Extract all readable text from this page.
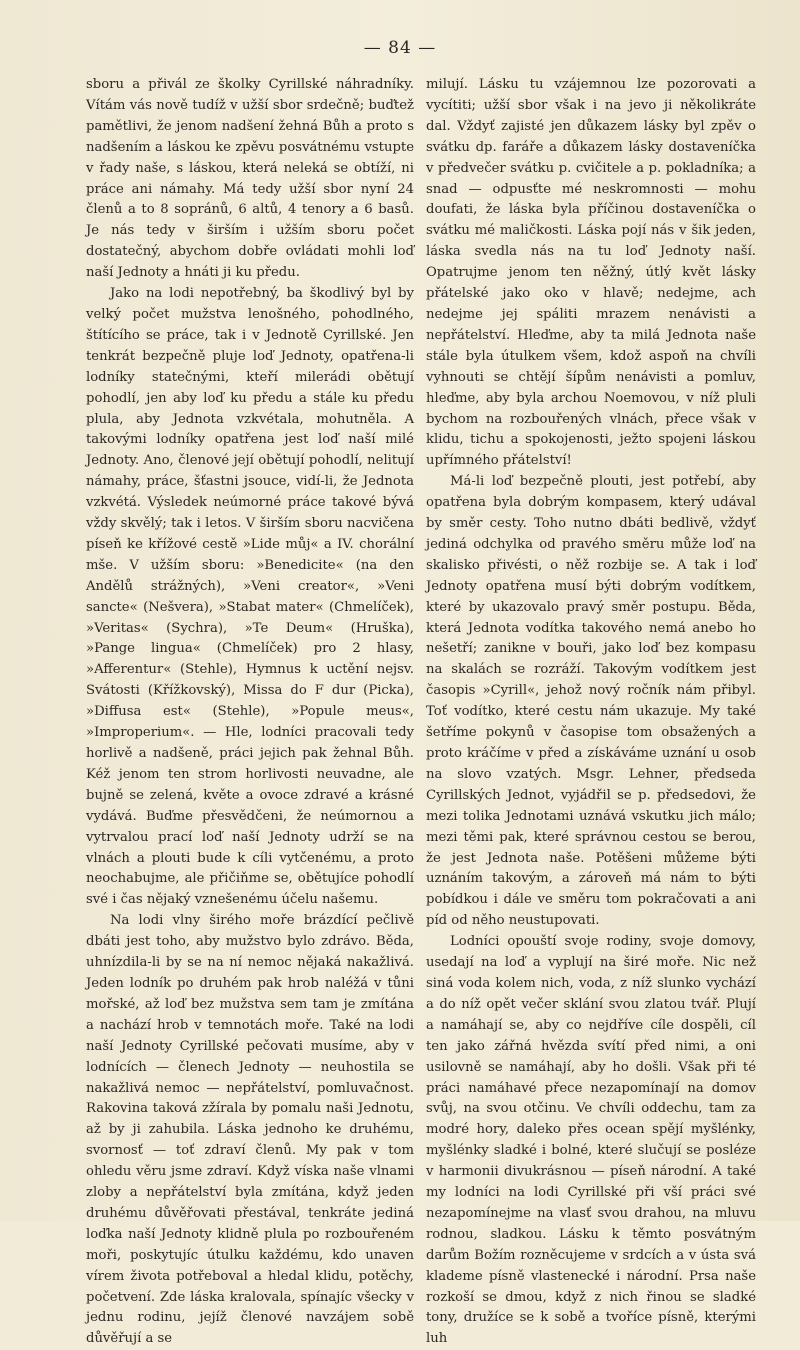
— 84 —

sboru a přivál ze školky Cyrillské náhradníky. Vítám vás nově tudíž v užší sbor srdečně; buďtež pamětlivi, že jenom nadšení žehná Bůh a proto s nadšením a láskou ke zpěvu posvátnému vstupte v řady naše, s láskou, která neleká se obtíží, ni práce ani námahy. Má tedy užší sbor nyní 24 členů a to 8 sopránů, 6 altů, 4 tenory a 6 basů. Je nás tedy v širším i užším sboru počet dostatečný, abychom dobře ovládati mohli loď naší Jednoty a hnáti ji ku předu.

Jako na lodi nepotřebný, ba škodlivý byl by velký počet mužstva lenošného, pohodlného, štítícího se práce, tak i v Jednotě Cyrillské. Jen tenkrát bezpečně pluje loď Jednoty, opatřena-li lodníky statečnými, kteří milerádi obětují pohodlí, jen aby loď ku předu a stále ku předu plula, aby Jednota vzkvétala, mohutněla. A takovými lodníky opatřena jest loď naší milé Jednoty. Ano, členové její obětují pohodlí, nelitují námahy, práce, šťastni jsouce, vidí-li, že Jednota vzkvétá. Výsledek neúmorné práce takové bývá vždy skvělý; tak i letos. V širším sboru nacvičena píseň ke křížové cestě »Lide můj« a IV. chorální mše. V užším sboru: »Benedicite« (na den Andělů strážných), »Veni creator«, »Veni sancte« (Nešvera), »Stabat mater« (Chmelíček), »Veritas« (Sychra), »Te Deum« (Hruška), »Pange lingua« (Chmelíček) pro 2 hlasy, »Afferentur« (Stehle), Hymnus k uctění nejsv. Svátosti (Křížkovský), Missa do F dur (Picka), »Diffusa est« (Stehle), »Popule meus«, »Improperium«. — Hle, lodníci pracovali tedy horlivě a nadšeně, práci jejich pak žehnal Bůh. Kéž jenom ten strom horlivosti neuvadne, ale bujně se zelená, květe a ovoce zdravé a krásné vydává. Buďme přesvědčeni, že neúmornou a vytrvalou prací loď naší Jednoty udrží se na vlnách a plouti bude k cíli vytčenému, a proto neochabujme, ale přičiňme se, obětujíce pohodlí své i čas nějaký vznešenému účelu našemu.

Na lodi vlny širého moře brázdící pečlivě dbáti jest toho, aby mužstvo bylo zdrávo. Běda, uhnízdila-li by se na ní nemoc nějaká nakažlivá. Jeden lodník po druhém pak hrob naléžá v tůni mořské, až loď bez mužstva sem tam je zmítána a nachází hrob v temnotách moře. Také na lodi naší Jednoty Cyrillské pečovati musíme, aby v lodnících — členech Jednoty — neuhostila se nakažlivá nemoc — nepřátelství, pomluvačnost. Rakovina taková zžírala by pomalu naši Jednotu, až by ji zahubila. Láska jednoho ke druhému, svornosť — toť zdraví členů. My pak v tom ohledu věru jsme zdraví. Když víska naše vlnami zloby a nepřátelství byla zmítána, když jeden druhému důvěřovati přestával, tenkráte jediná loďka naší Jednoty klidně plula po rozbouřeném moři, poskytujíc útulku každému, kdo unaven vírem života potřeboval a hledal klidu, potěchy, početvení. Zde láska kralovala, spínajíc všecky v jednu rodinu, jejíž členové navzájem sobě důvěřují a se

milují. Lásku tu vzájemnou lze pozorovati a vycítiti; užší sbor však i na jevo ji několikráte dal. Vždyť zajisté jen důkazem lásky byl zpěv o svátku dp. faráře a důkazem lásky dostaveníčka v předvečer svátku p. cvičitele a p. pokladníka; a snad — odpusťte mé neskromnosti — mohu doufati, že láska byla příčinou dostaveníčka o svátku mé maličkosti. Láska pojí nás v šik jeden, láska svedla nás na tu loď Jednoty naší. Opatrujme jenom ten něžný, útlý květ lásky přátelské jako oko v hlavě; nedejme, ach nedejme jej spáliti mrazem nenávisti a nepřátelství. Hleďme, aby ta milá Jednota naše stále byla útulkem všem, kdož aspoň na chvíli vyhnouti se chtějí šípům nenávisti a pomluv, hleďme, aby byla archou Noemovou, v níž pluli bychom na rozbouřených vlnách, přece však v klidu, tichu a spokojenosti, ježto spojeni láskou upřímného přátelství!

Má-li loď bezpečně plouti, jest potřebí, aby opatřena byla dobrým kompasem, který udával by směr cesty. Toho nutno dbáti bedlivě, vždyť jediná odchylka od pravého směru může loď na skalisko přivésti, o něž rozbije se. A tak i loď Jednoty opatřena musí býti dobrým vodítkem, které by ukazovalo pravý směr postupu. Běda, která Jednota vodítka takového nemá anebo ho nešetří; zanikne v bouři, jako loď bez kompasu na skalách se rozráží. Takovým vodítkem jest časopis »Cyrill«, jehož nový ročník nám přibyl. Toť vodítko, které cestu nám ukazuje. My také šetříme pokynů v časopise tom obsažených a proto kráčíme v před a získáváme uznání u osob na slovo vzatých. Msgr. Lehner, předseda Cyrillských Jednot, vyjádřil se p. předsedovi, že mezi tolika Jednotami uznává vskutku jich málo; mezi těmi pak, které správnou cestou se berou, že jest Jednota naše. Potěšeni můžeme býti uznáním takovým, a zároveň má nám to býti pobídkou i dále ve směru tom pokračovati a ani píd od něho neustupovati.

Lodníci opouští svoje rodiny, svoje domovy, usedají na loď a vyplují na širé moře. Nic než siná voda kolem nich, voda, z níž slunko vychází a do níž opět večer sklání svou zlatou tvář. Plují a namáhají se, aby co nejdříve cíle dospěli, cíl ten jako zářná hvězda svítí před nimi, a oni usilovně se namáhají, aby ho došli. Však při té práci namáhavé přece nezapomínají na domov svůj, na svou otčinu. Ve chvíli oddechu, tam za modré hory, daleko přes ocean spějí myšlénky, myšlénky sladké i bolné, které slučují se posléze v harmonii divukrásnou — píseň národní. A také my lodníci na lodi Cyrillské při vší práci své nezapomínejme na vlasť svou drahou, na mluvu rodnou, sladkou. Lásku k těmto posvátným darům Božím rozněcujeme v srdcích a v ústa svá klademe písně vlastenecké i národní. Prsa naše rozkoší se dmou, když z nich řinou se sladké tony, družíce se k sobě a tvoříce písně, kterými luh
